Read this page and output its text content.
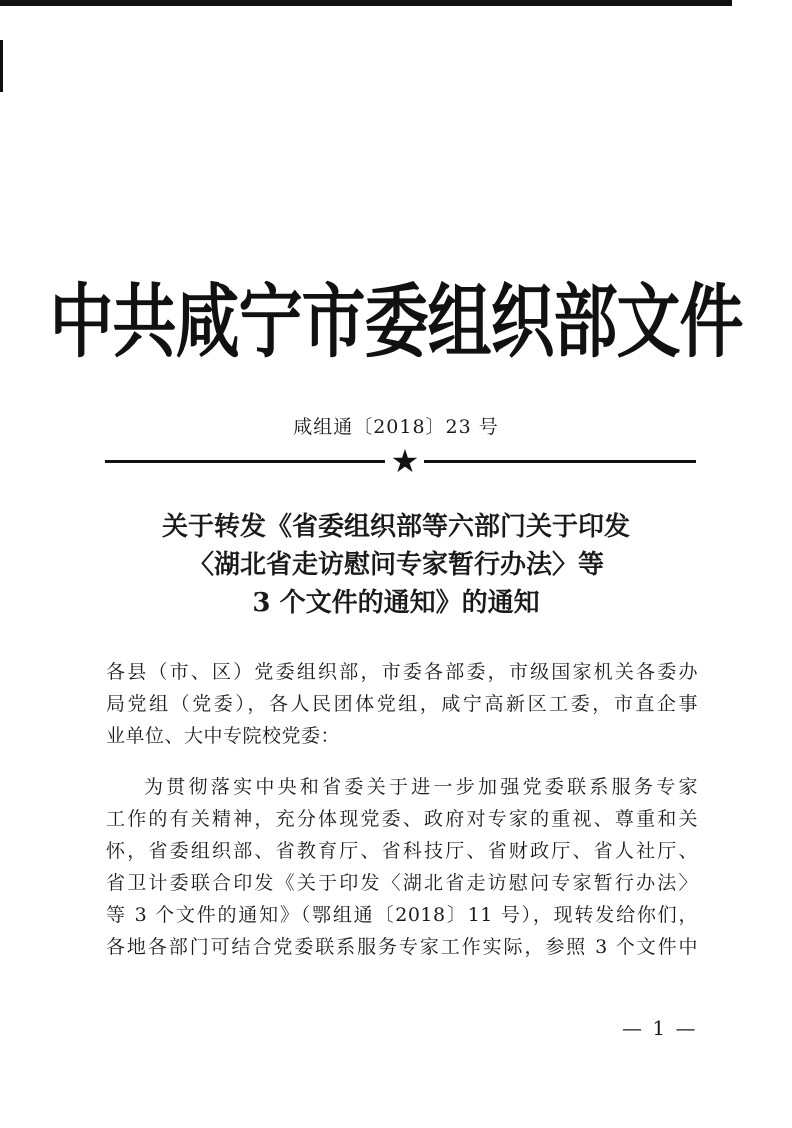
中共咸宁市委组织部文件
咸组通〔2018〕23 号
★
关于转发《省委组织部等六部门关于印发
〈湖北省走访慰问专家暂行办法〉等
3 个文件的通知》的通知
各县（市、区）党委组织部，市委各部委，市级国家机关各委办
局党组（党委），各人民团体党组，咸宁高新区工委，市直企事
业单位、大中专院校党委：
为贯彻落实中央和省委关于进一步加强党委联系服务专家
工作的有关精神，充分体现党委、政府对专家的重视、尊重和关
怀，省委组织部、省教育厅、省科技厅、省财政厅、省人社厅、
省卫计委联合印发《关于印发〈湖北省走访慰问专家暂行办法〉
等 3 个文件的通知》（鄂组通〔2018〕11 号），现转发给你们，
各地各部门可结合党委联系服务专家工作实际，参照 3 个文件中
— 1 —
